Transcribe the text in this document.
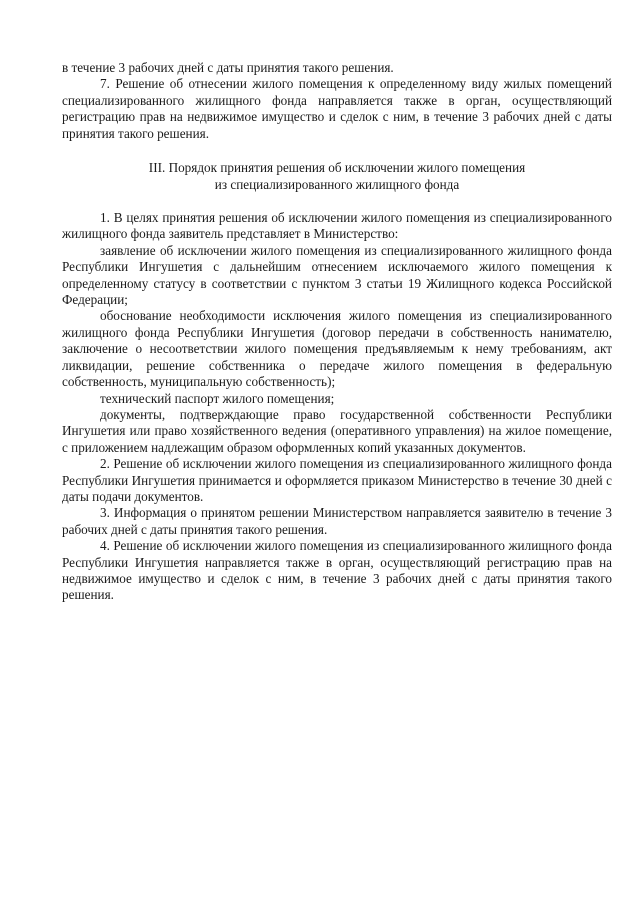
в течение 3 рабочих дней с даты принятия такого решения.

7. Решение об отнесении жилого помещения к определенному виду жилых помещений специализированного жилищного фонда направляется также в орган, осуществляющий регистрацию прав на недвижимое имущество и сделок с ним, в течение 3 рабочих дней с даты принятия такого решения.

III. Порядок принятия решения об исключении жилого помещения
из специализированного жилищного фонда

1. В целях принятия решения об исключении жилого помещения из специализированного жилищного фонда заявитель представляет в Министерство:

заявление об исключении жилого помещения из специализированного жилищного фонда Республики Ингушетия с дальнейшим отнесением исключаемого жилого помещения к определенному статусу в соответствии с пунктом 3 статьи 19 Жилищного кодекса Российской Федерации;

обоснование необходимости исключения жилого помещения из специализированного жилищного фонда Республики Ингушетия (договор передачи в собственность нанимателю, заключение о несоответствии жилого помещения предъявляемым к нему требованиям, акт ликвидации, решение собственника о передаче жилого помещения в федеральную собственность, муниципальную собственность);

технический паспорт жилого помещения;

документы, подтверждающие право государственной собственности Республики Ингушетия или право хозяйственного ведения (оперативного управления) на жилое помещение, с приложением надлежащим образом оформленных копий указанных документов.

2. Решение об исключении жилого помещения из специализированного жилищного фонда Республики Ингушетия принимается и оформляется приказом Министерство в течение 30 дней с даты подачи документов.

3. Информация о принятом решении Министерством направляется заявителю в течение 3 рабочих дней с даты принятия такого решения.

4. Решение об исключении жилого помещения из специализированного жилищного фонда Республики Ингушетия направляется также в орган, осуществляющий регистрацию прав на недвижимое имущество и сделок с ним, в течение 3 рабочих дней с даты принятия такого решения.
